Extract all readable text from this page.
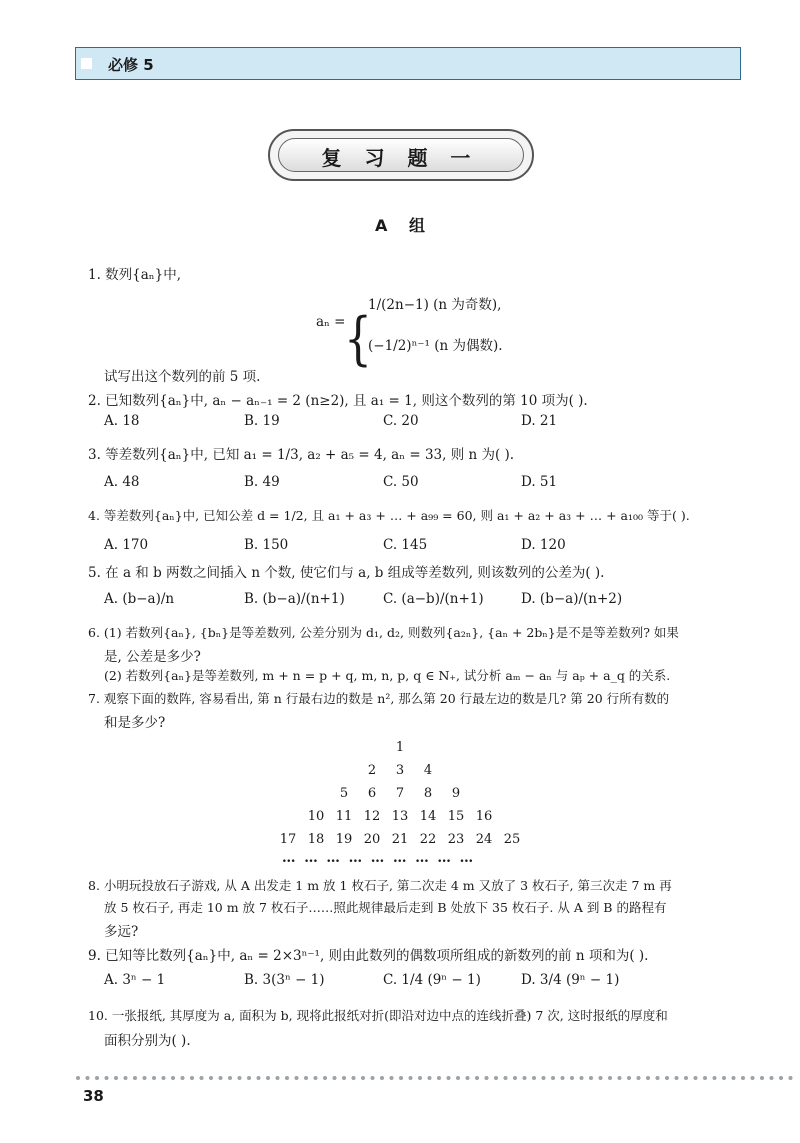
必修 5
复 习 题 一
A 组
1. 数列{aₙ}中,
aₙ =
{
1/(2n−1) (n 为奇数),
(−1/2)ⁿ⁻¹ (n 为偶数).
试写出这个数列的前 5 项.
2. 已知数列{aₙ}中, aₙ − aₙ₋₁ = 2 (n≥2), 且 a₁ = 1, 则这个数列的第 10 项为( ).
A. 18	B. 19	C. 20	D. 21
3. 等差数列{aₙ}中, 已知 a₁ = 1/3, a₂ + a₅ = 4, aₙ = 33, 则 n 为( ).
A. 48	B. 49	C. 50	D. 51
4. 等差数列{aₙ}中, 已知公差 d = 1/2, 且 a₁ + a₃ + … + a₉₉ = 60, 则 a₁ + a₂ + a₃ + … + a₁₀₀ 等于( ).
A. 170	B. 150	C. 145	D. 120
5. 在 a 和 b 两数之间插入 n 个数, 使它们与 a, b 组成等差数列, 则该数列的公差为( ).
A. (b−a)/n	B. (b−a)/(n+1)	C. (a−b)/(n+1)	D. (b−a)/(n+2)
6. (1) 若数列{aₙ}, {bₙ}是等差数列, 公差分别为 d₁, d₂, 则数列{a₂ₙ}, {aₙ + 2bₙ}是不是等差数列? 如果
是, 公差是多少?
(2) 若数列{aₙ}是等差数列, m + n = p + q, m, n, p, q ∈ N₊, 试分析 aₘ − aₙ 与 aₚ + a_q 的关系.
7. 观察下面的数阵, 容易看出, 第 n 行最右边的数是 n², 那么第 20 行最左边的数是几? 第 20 行所有数的
和是多少?
1
2	3	4
5	6	7	8	9
10 11 12 13 14 15 16
17 18 19 20 21 22 23 24 25
… … … … … … … … …
8. 小明玩投放石子游戏, 从 A 出发走 1 m 放 1 枚石子, 第二次走 4 m 又放了 3 枚石子, 第三次走 7 m 再
放 5 枚石子, 再走 10 m 放 7 枚石子……照此规律最后走到 B 处放下 35 枚石子. 从 A 到 B 的路程有
多远?
9. 已知等比数列{aₙ}中, aₙ = 2×3ⁿ⁻¹, 则由此数列的偶数项所组成的新数列的前 n 项和为( ).
A. 3ⁿ − 1	B. 3(3ⁿ − 1)	C. 1/4 (9ⁿ − 1)	D. 3/4 (9ⁿ − 1)
10. 一张报纸, 其厚度为 a, 面积为 b, 现将此报纸对折(即沿对边中点的连线折叠) 7 次, 这时报纸的厚度和
面积分别为( ).
38
